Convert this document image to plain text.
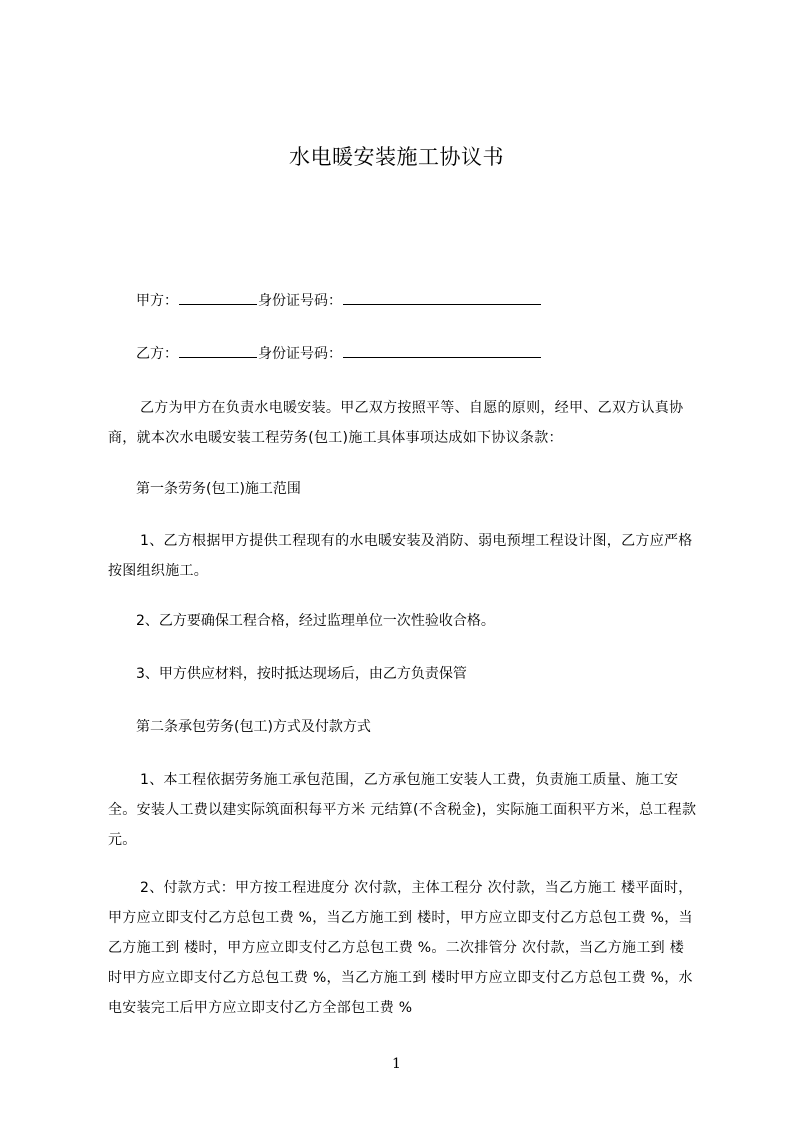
水电暖安装施工协议书
甲方：	身份证号码：
乙方：	身份证号码：
乙方为甲方在负责水电暖安装。甲乙双方按照平等、自愿的原则，经甲、乙双方认真协商，就本次水电暖安装工程劳务(包工)施工具体事项达成如下协议条款：
第一条劳务(包工)施工范围
1、乙方根据甲方提供工程现有的水电暖安装及消防、弱电预埋工程设计图，乙方应严格按图组织施工。
2、乙方要确保工程合格，经过监理单位一次性验收合格。
3、甲方供应材料，按时抵达现场后，由乙方负责保管
第二条承包劳务(包工)方式及付款方式
1、本工程依据劳务施工承包范围，乙方承包施工安装人工费，负责施工质量、施工安全。安装人工费以建实际筑面积每平方米 元结算(不含税金)，实际施工面积平方米，总工程款 元。
2、付款方式：甲方按工程进度分 次付款，主体工程分 次付款，当乙方施工 楼平面时，甲方应立即支付乙方总包工费 %，当乙方施工到 楼时，甲方应立即支付乙方总包工费 %，当乙方施工到 楼时，甲方应立即支付乙方总包工费 %。二次排管分 次付款，当乙方施工到 楼时甲方应立即支付乙方总包工费 %，当乙方施工到 楼时甲方应立即支付乙方总包工费 %，水电安装完工后甲方应立即支付乙方全部包工费 %
1
